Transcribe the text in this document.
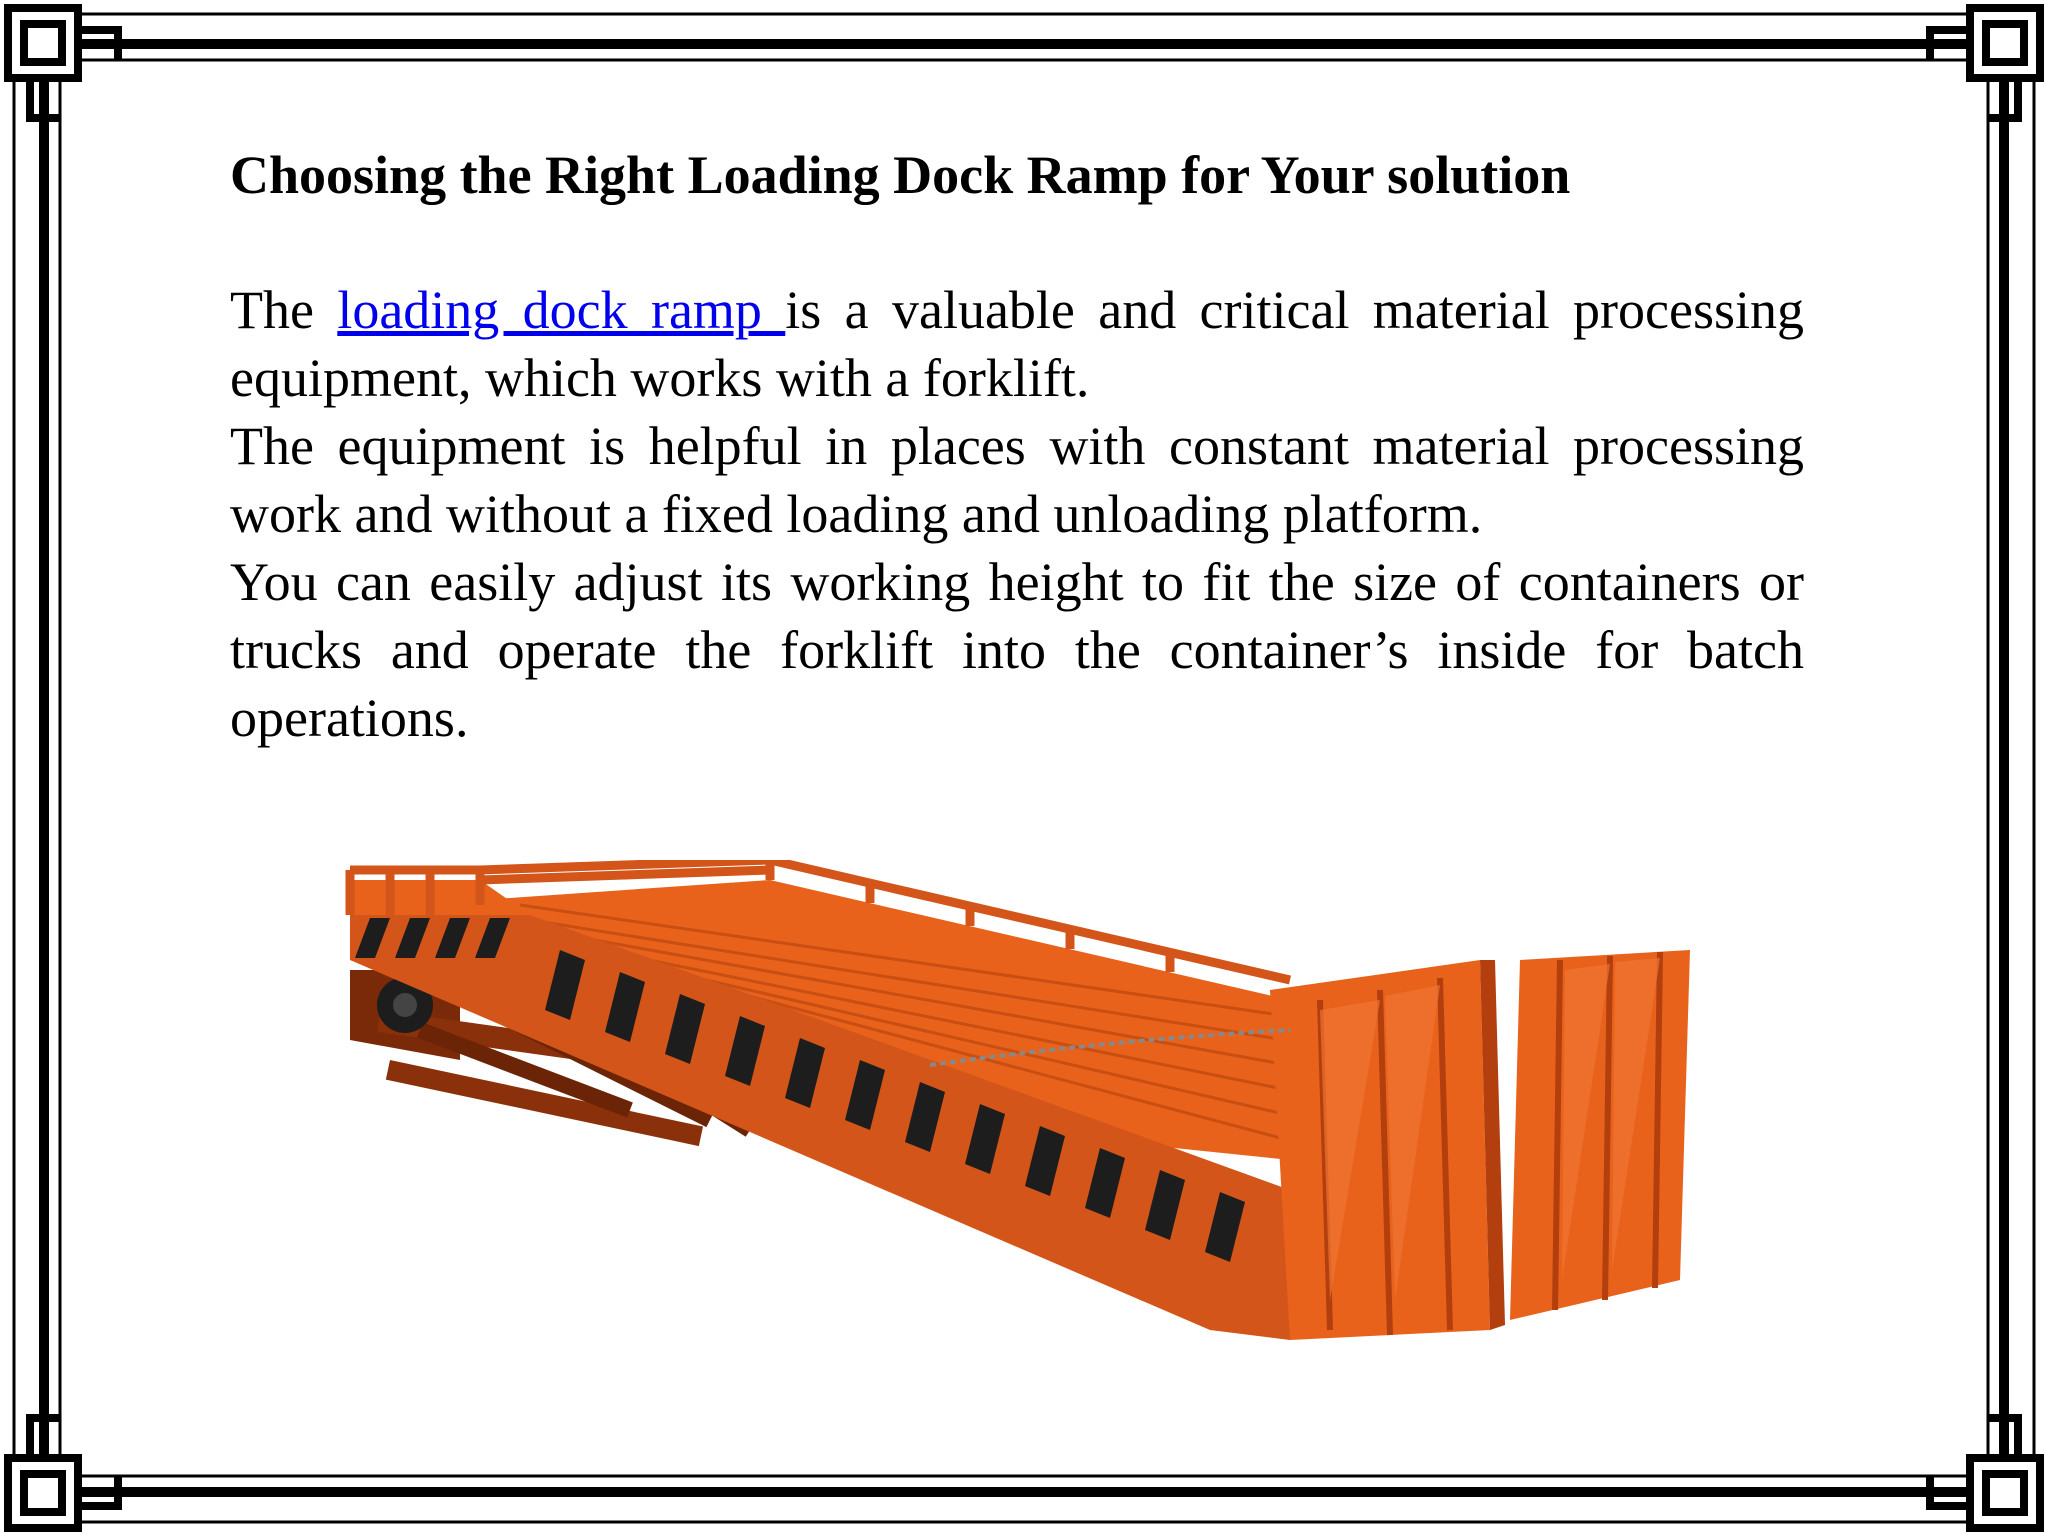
Choosing the Right Loading Dock Ramp for Your solution

The loading dock ramp is a valuable and critical material processing equipment, which works with a forklift.

The equipment is helpful in places with constant material processing work and without a fixed loading and unloading platform.

You can easily adjust its working height to fit the size of containers or trucks and operate the forklift into the container’s inside for batch operations.
